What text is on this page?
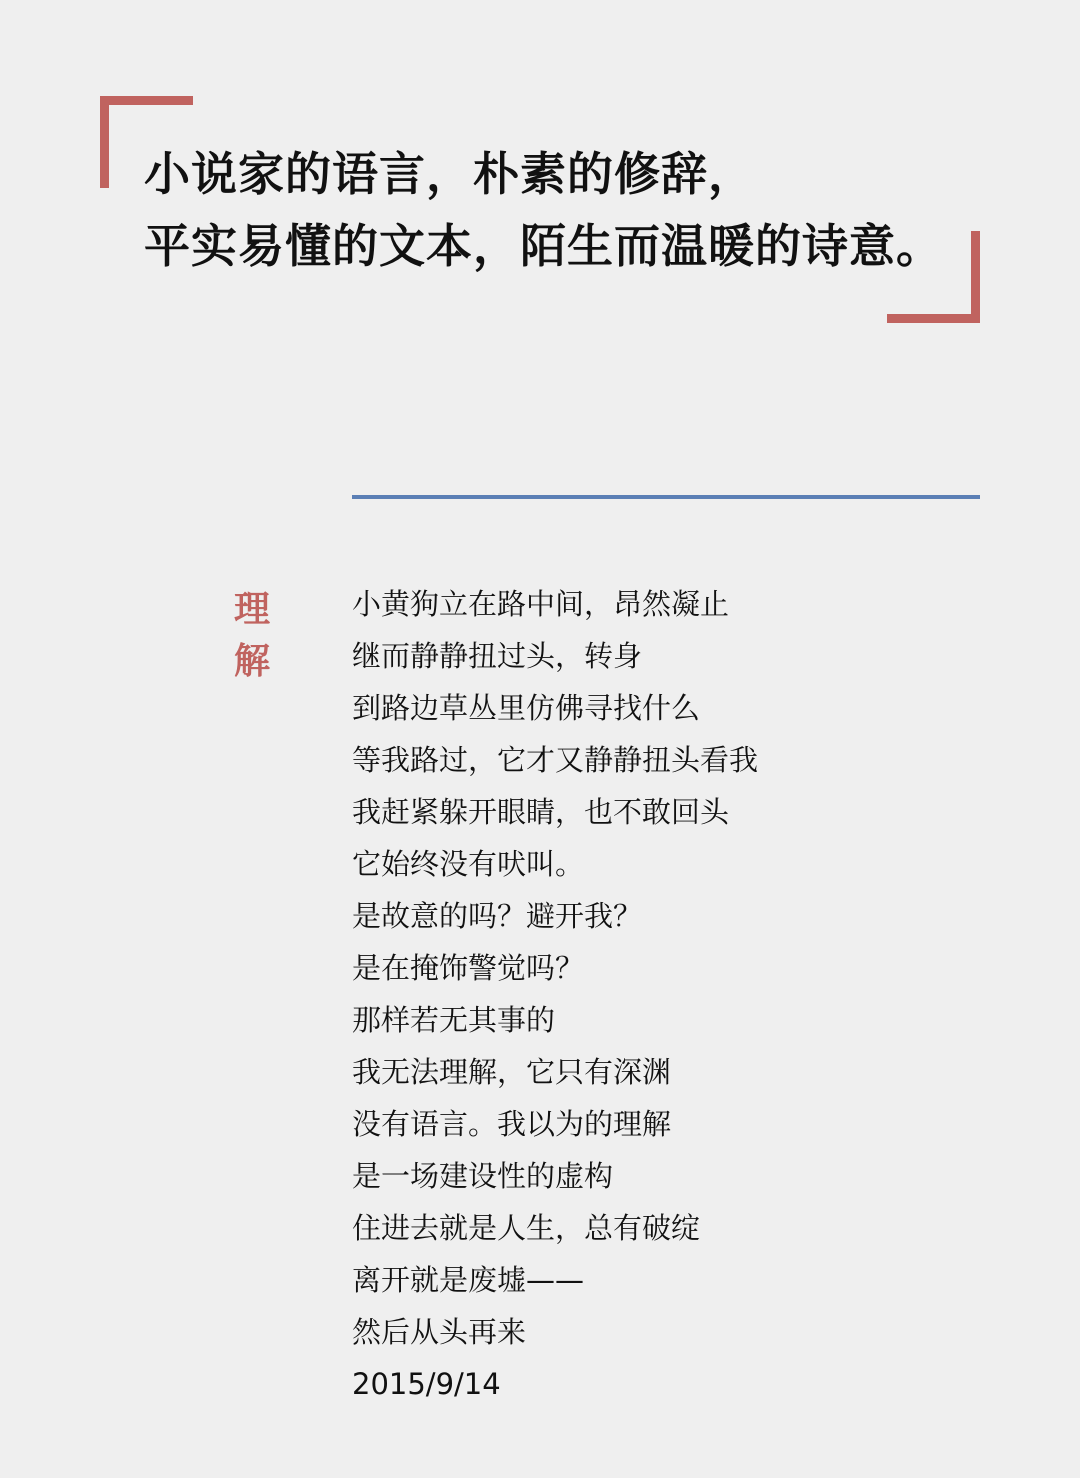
小说家的语言，朴素的修辞，
平实易懂的文本，陌生而温暖的诗意。
理
解
小黄狗立在路中间，昂然凝止
继而静静扭过头，转身
到路边草丛里仿佛寻找什么
等我路过，它才又静静扭头看我
我赶紧躲开眼睛，也不敢回头
它始终没有吠叫。
是故意的吗？避开我？
是在掩饰警觉吗？
那样若无其事的
我无法理解，它只有深渊
没有语言。我以为的理解
是一场建设性的虚构
住进去就是人生，总有破绽
离开就是废墟——
然后从头再来
2015/9/14
